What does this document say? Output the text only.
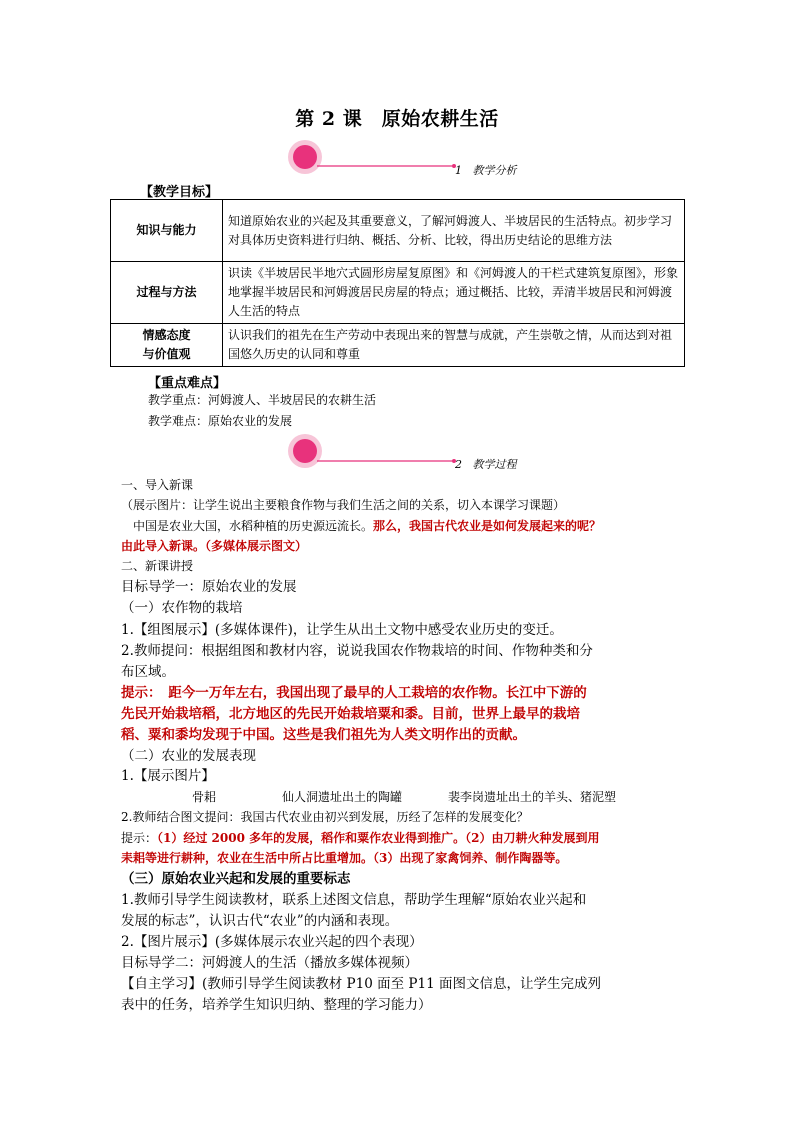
第 2 课　原始农耕生活
1 教学分析
【教学目标】
知识与能力	知道原始农业的兴起及其重要意义，了解河姆渡人、半坡居民的生活特点。初步学习对具体历史资料进行归纳、概括、分析、比较，得出历史结论的思维方法
过程与方法	识读《半坡居民半地穴式圆形房屋复原图》和《河姆渡人的干栏式建筑复原图》，形象地掌握半坡居民和河姆渡居民房屋的特点；通过概括、比较，弄清半坡居民和河姆渡人生活的特点
情感态度
与价值观	认识我们的祖先在生产劳动中表现出来的智慧与成就，产生崇敬之情，从而达到对祖国悠久历史的认同和尊重
【重点难点】
教学重点：河姆渡人、半坡居民的农耕生活
教学难点：原始农业的发展
2 教学过程
一、导入新课
（展示图片：让学生说出主要粮食作物与我们生活之间的关系，切入本课学习课题）
中国是农业大国，水稻种植的历史源远流长。那么，我国古代农业是如何发展起来的呢？
由此导入新课。（多媒体展示图文）
二、新课讲授
目标导学一：原始农业的发展
（一）农作物的栽培
1.【组图展示】(多媒体课件)，让学生从出土文物中感受农业历史的变迁。
2.教师提问：根据组图和教材内容，说说我国农作物栽培的时间、作物种类和分
布区域。
提示：　距今一万年左右，我国出现了最早的人工栽培的农作物。长江中下游的
先民开始栽培稻，北方地区的先民开始栽培粟和黍。目前，世界上最早的栽培
稻、粟和黍均发现于中国。这些是我们祖先为人类文明作出的贡献。
（二）农业的发展表现
1.【展示图片】
骨耜	仙人洞遗址出土的陶罐	裴李岗遗址出土的羊头、猪泥塑
2.教师结合图文提问：我国古代农业由初兴到发展，历经了怎样的发展变化？
提示：（1）经过 2000 多年的发展，稻作和粟作农业得到推广。（2）由刀耕火种发展到用
耒耜等进行耕种，农业在生活中所占比重增加。（3）出现了家禽饲养、制作陶器等。
（三）原始农业兴起和发展的重要标志
1.教师引导学生阅读教材，联系上述图文信息，帮助学生理解“原始农业兴起和
发展的标志”，认识古代“农业”的内涵和表现。
2.【图片展示】(多媒体展示农业兴起的四个表现）
目标导学二：河姆渡人的生活（播放多媒体视频）
【自主学习】(教师引导学生阅读教材 P10 面至 P11 面图文信息，让学生完成列
表中的任务，培养学生知识归纳、整理的学习能力）
